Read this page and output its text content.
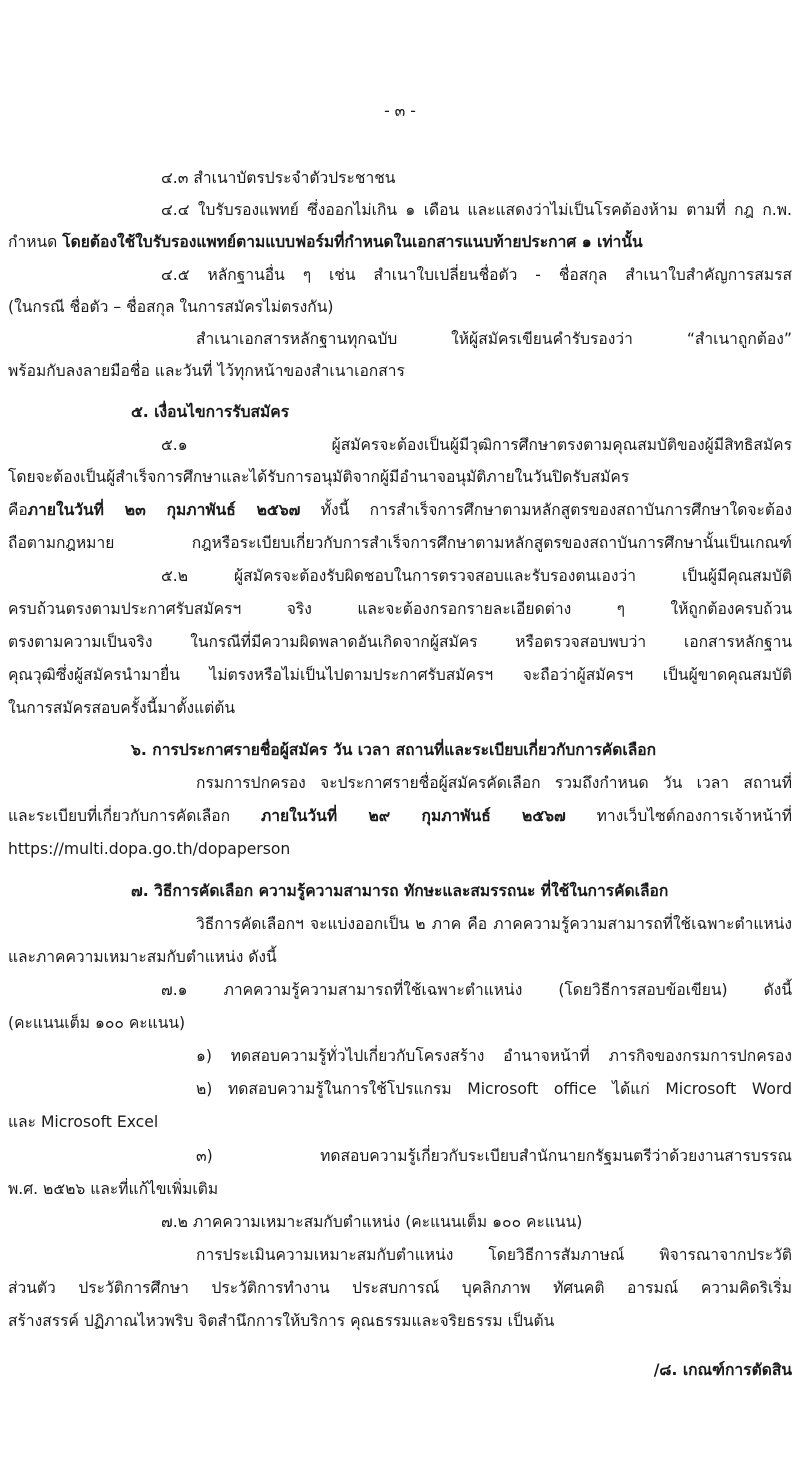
- ๓ -
๔.๓ สำเนาบัตรประจำตัวประชาชน
๔.๔ ใบรับรองแพทย์ ซึ่งออกไม่เกิน ๑ เดือน และแสดงว่าไม่เป็นโรคต้องห้าม ตามที่ กฎ ก.พ.
กำหนด โดยต้องใช้ใบรับรองแพทย์ตามแบบฟอร์มที่กำหนดในเอกสารแนบท้ายประกาศ ๑ เท่านั้น
๔.๕ หลักฐานอื่น ๆ เช่น สำเนาใบเปลี่ยนชื่อตัว - ชื่อสกุล สำเนาใบสำคัญการสมรส
(ในกรณี ชื่อตัว – ชื่อสกุล ในการสมัครไม่ตรงกัน)
สำเนาเอกสารหลักฐานทุกฉบับ ให้ผู้สมัครเขียนคำรับรองว่า “สำเนาถูกต้อง”
พร้อมกับลงลายมือชื่อ และวันที่ ไว้ทุกหน้าของสำเนาเอกสาร
๕. เงื่อนไขการรับสมัคร
๕.๑ ผู้สมัครจะต้องเป็นผู้มีวุฒิการศึกษาตรงตามคุณสมบัติของผู้มีสิทธิสมัคร
โดยจะต้องเป็นผู้สำเร็จการศึกษาและได้รับการอนุมัติจากผู้มีอำนาจอนุมัติภายในวันปิดรับสมัคร
คือภายในวันที่ ๒๓ กุมภาพันธ์ ๒๕๖๗ ทั้งนี้ การสำเร็จการศึกษาตามหลักสูตรของสถาบันการศึกษาใดจะต้อง
ถือตามกฎหมาย กฎหรือระเบียบเกี่ยวกับการสำเร็จการศึกษาตามหลักสูตรของสถาบันการศึกษานั้นเป็นเกณฑ์
๕.๒ ผู้สมัครจะต้องรับผิดชอบในการตรวจสอบและรับรองตนเองว่า เป็นผู้มีคุณสมบัติ
ครบถ้วนตรงตามประกาศรับสมัครฯ จริง และจะต้องกรอกรายละเอียดต่าง ๆ ให้ถูกต้องครบถ้วน
ตรงตามความเป็นจริง ในกรณีที่มีความผิดพลาดอันเกิดจากผู้สมัคร หรือตรวจสอบพบว่า เอกสารหลักฐาน
คุณวุฒิซึ่งผู้สมัครนำมายื่น ไม่ตรงหรือไม่เป็นไปตามประกาศรับสมัครฯ จะถือว่าผู้สมัครฯ เป็นผู้ขาดคุณสมบัติ
ในการสมัครสอบครั้งนี้มาตั้งแต่ต้น
๖. การประกาศรายชื่อผู้สมัคร วัน เวลา สถานที่และระเบียบเกี่ยวกับการคัดเลือก
กรมการปกครอง จะประกาศรายชื่อผู้สมัครคัดเลือก รวมถึงกำหนด วัน เวลา สถานที่
และระเบียบที่เกี่ยวกับการคัดเลือก ภายในวันที่ ๒๙ กุมภาพันธ์ ๒๕๖๗ ทางเว็บไซต์กองการเจ้าหน้าที่
https://multi.dopa.go.th/dopaperson
๗. วิธีการคัดเลือก ความรู้ความสามารถ ทักษะและสมรรถนะ ที่ใช้ในการคัดเลือก
วิธีการคัดเลือกฯ จะแบ่งออกเป็น ๒ ภาค คือ ภาคความรู้ความสามารถที่ใช้เฉพาะตำแหน่ง
และภาคความเหมาะสมกับตำแหน่ง ดังนี้
๗.๑ ภาคความรู้ความสามารถที่ใช้เฉพาะตำแหน่ง (โดยวิธีการสอบข้อเขียน) ดังนี้
(คะแนนเต็ม ๑๐๐ คะแนน)
๑) ทดสอบความรู้ทั่วไปเกี่ยวกับโครงสร้าง อำนาจหน้าที่ ภารกิจของกรมการปกครอง
๒) ทดสอบความรู้ในการใช้โปรแกรม Microsoft office ได้แก่ Microsoft Word
และ Microsoft Excel
๓) ทดสอบความรู้เกี่ยวกับระเบียบสำนักนายกรัฐมนตรีว่าด้วยงานสารบรรณ
พ.ศ. ๒๕๒๖ และที่แก้ไขเพิ่มเติม
๗.๒ ภาคความเหมาะสมกับตำแหน่ง (คะแนนเต็ม ๑๐๐ คะแนน)
การประเมินความเหมาะสมกับตำแหน่ง โดยวิธีการสัมภาษณ์ พิจารณาจากประวัติ
ส่วนตัว ประวัติการศึกษา ประวัติการทำงาน ประสบการณ์ บุคลิกภาพ ทัศนคติ อารมณ์ ความคิดริเริ่ม
สร้างสรรค์ ปฏิภาณไหวพริบ จิตสำนึกการให้บริการ คุณธรรมและจริยธรรม เป็นต้น
/๘. เกณฑ์การตัดสิน
